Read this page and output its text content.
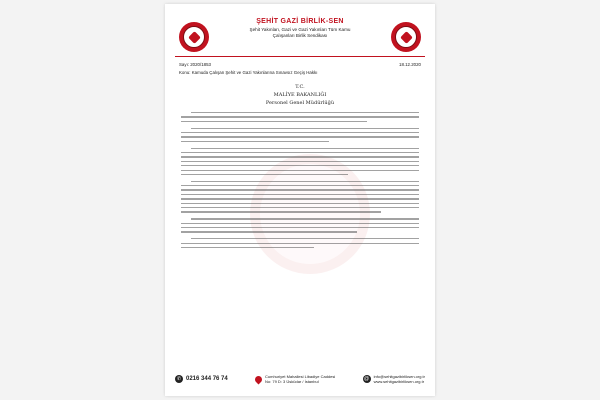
ŞEHİT GAZİ BİRLİK-SEN
Şehit Yakınları, Gazi ve Gazi Yakınları Tüm Kamu
Çalışanları Birlik Sendikası
Sayı: 2020/1853	18.12.2020
Konu: Kamuda Çalışan Şehit ve Gazi Yakınlarına Sınavsız Geçiş Hakkı
T.C.
MALİYE BAKANLIĞI
Personel Genel Müdürlüğü
✆ 0216 344 76 74	Cumhuriyet Mahallesi Libadiye Caddesi
No: 79 D: 3 Üsküdar / İstanbul	@	info@sehitgazibirliksen.org.tr
www.sehitgazibirliksen.org.tr
